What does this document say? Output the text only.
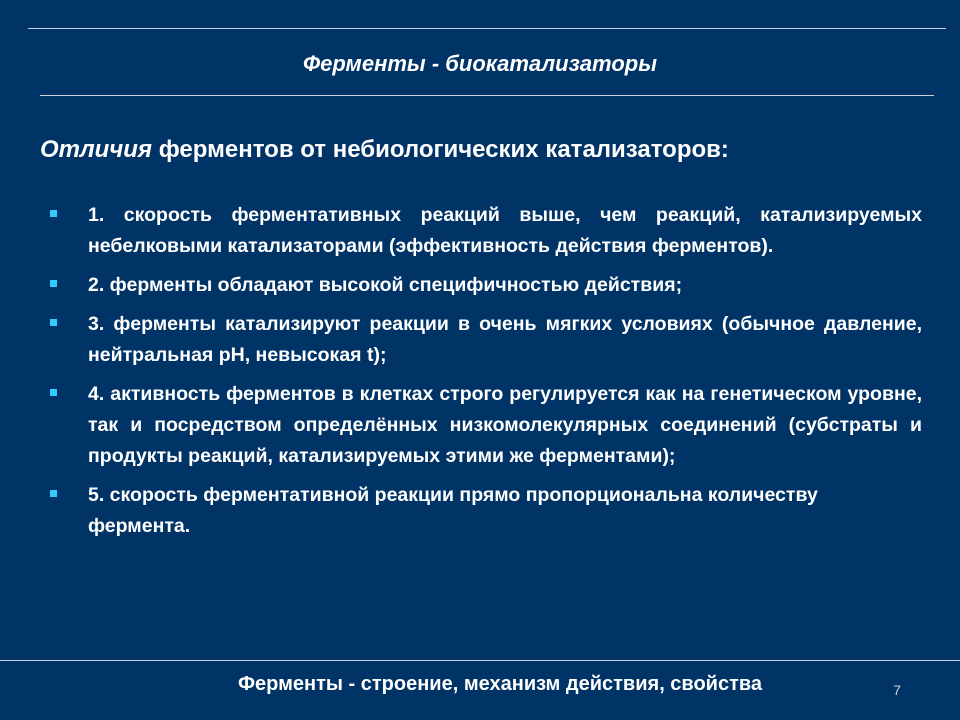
Ферменты - биокатализаторы
Отличия ферментов от небиологических катализаторов:
1. скорость ферментативных реакций выше, чем реакций, катализируемых небелковыми катализаторами (эффективность действия ферментов).
2. ферменты обладают высокой специфичностью действия;
3. ферменты катализируют реакции в очень мягких условиях (обычное давление, нейтральная рН, невысокая t);
4. активность ферментов в клетках строго регулируется как на генетическом уровне, так и посредством определённых низкомолекулярных соединений (субстраты и продукты реакций, катализируемых этими же ферментами);
5. скорость ферментативной реакции прямо пропорциональна количеству фермента.
Ферменты - строение, механизм действия, свойства	7
